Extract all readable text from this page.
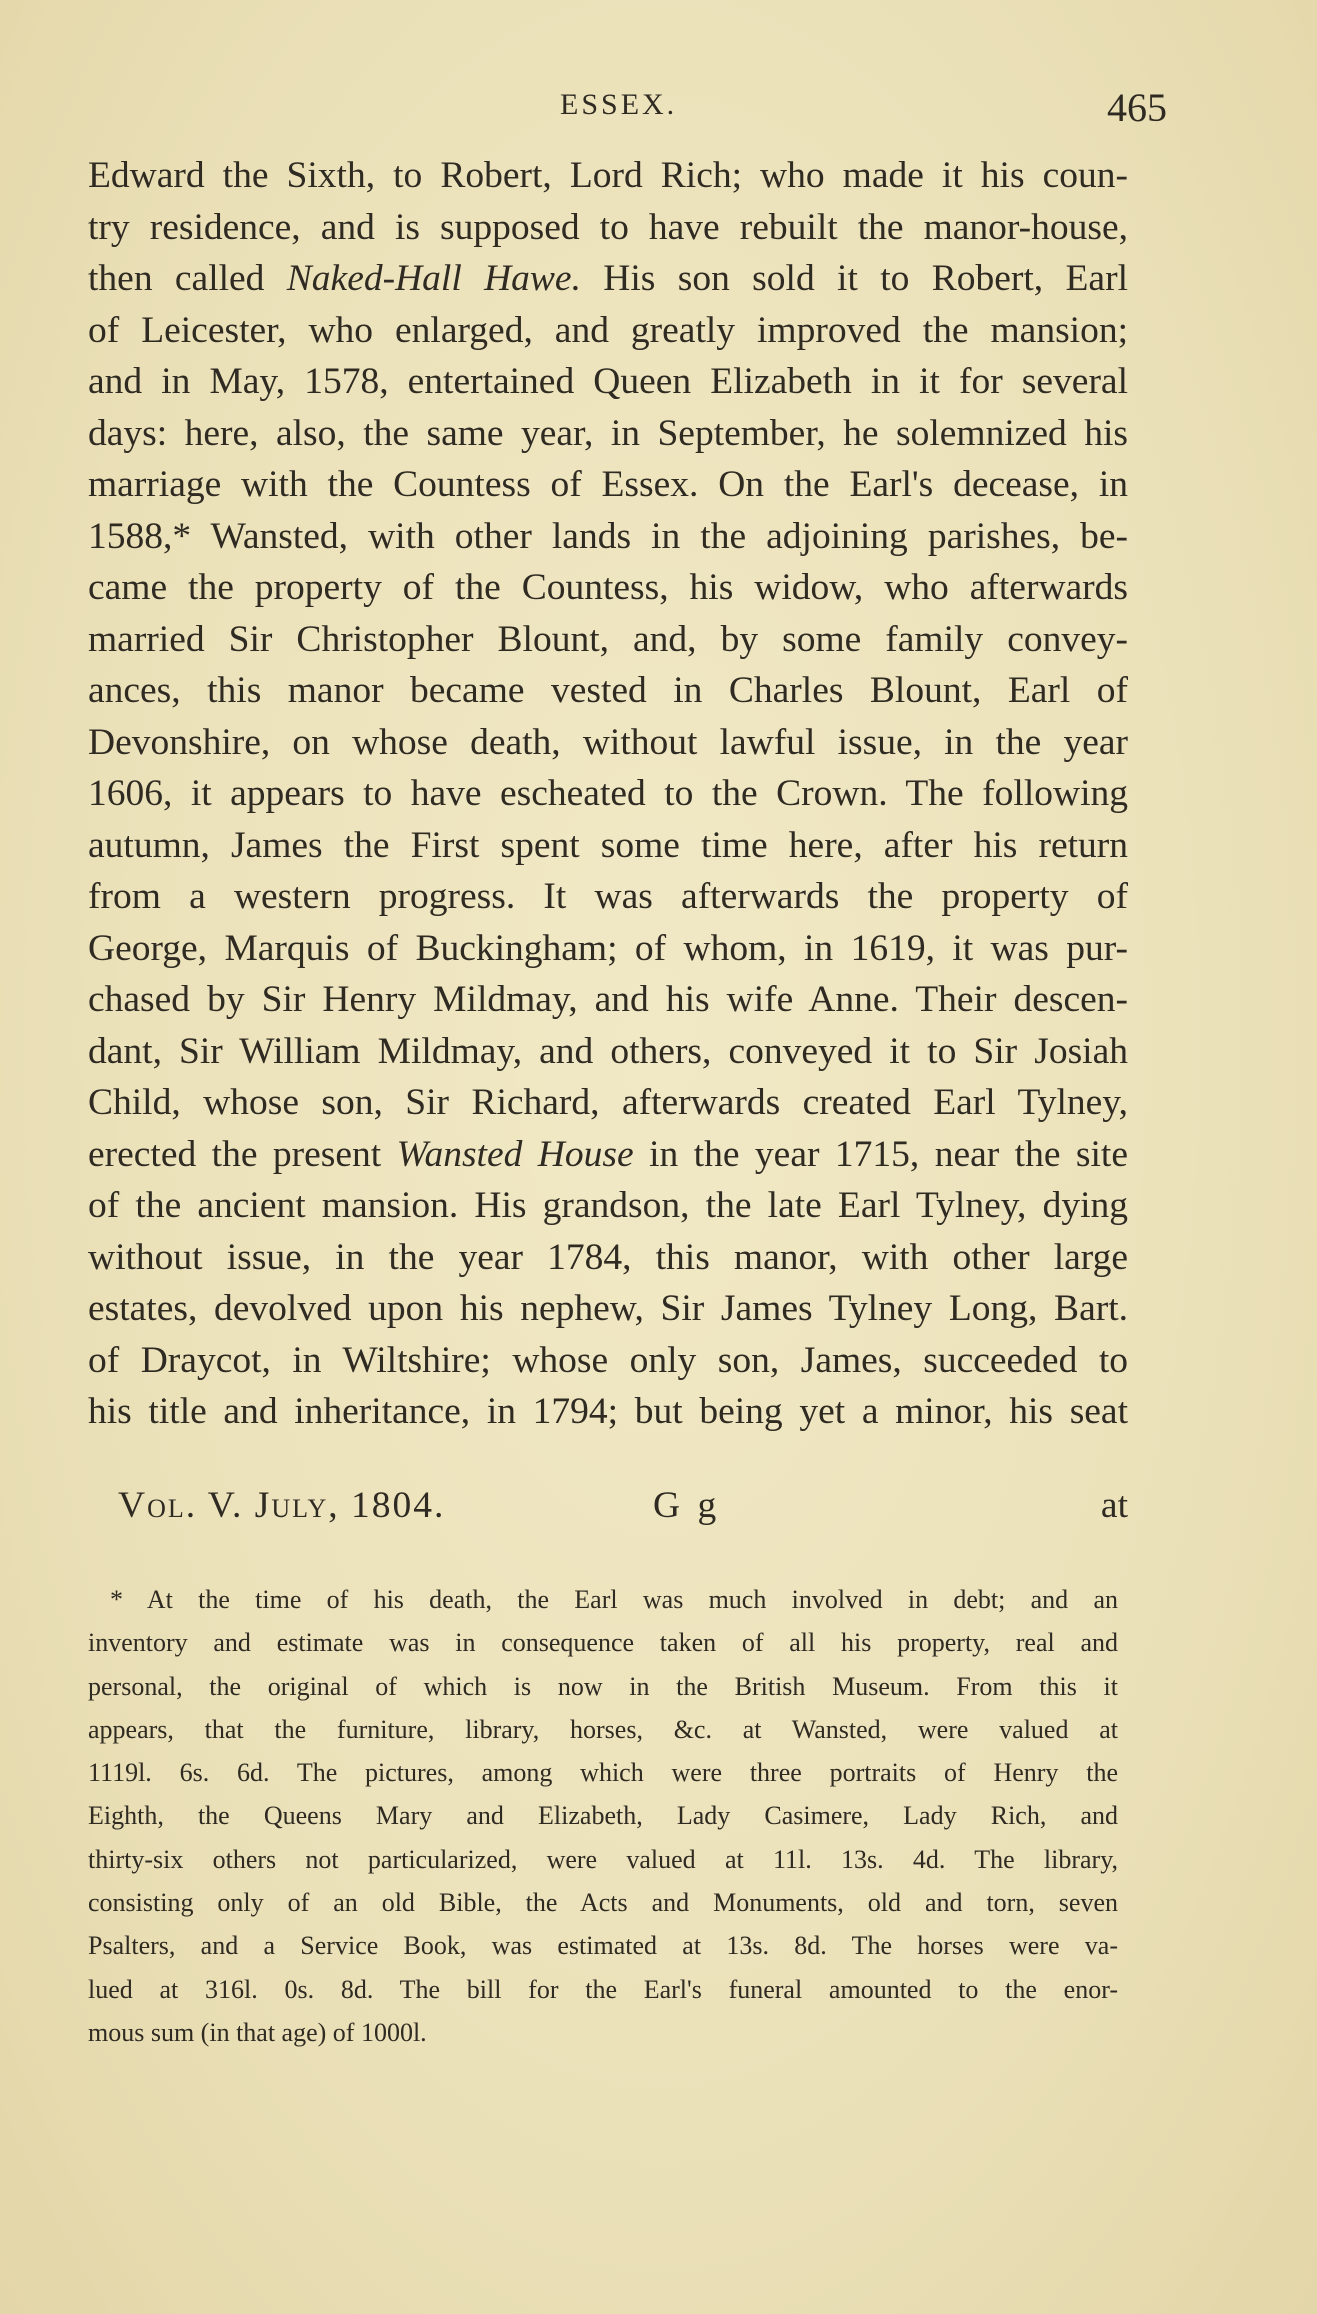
ESSEX.	465
Edward the Sixth, to Robert, Lord Rich; who made it his coun-
try residence, and is supposed to have rebuilt the manor-house,
then called Naked-Hall Hawe. His son sold it to Robert, Earl
of Leicester, who enlarged, and greatly improved the mansion;
and in May, 1578, entertained Queen Elizabeth in it for several
days: here, also, the same year, in September, he solemnized his
marriage with the Countess of Essex. On the Earl's decease, in
1588,* Wansted, with other lands in the adjoining parishes, be-
came the property of the Countess, his widow, who afterwards
married Sir Christopher Blount, and, by some family convey-
ances, this manor became vested in Charles Blount, Earl of
Devonshire, on whose death, without lawful issue, in the year
1606, it appears to have escheated to the Crown. The following
autumn, James the First spent some time here, after his return
from a western progress. It was afterwards the property of
George, Marquis of Buckingham; of whom, in 1619, it was pur-
chased by Sir Henry Mildmay, and his wife Anne. Their descen-
dant, Sir William Mildmay, and others, conveyed it to Sir Josiah
Child, whose son, Sir Richard, afterwards created Earl Tylney,
erected the present Wansted House in the year 1715, near the site
of the ancient mansion. His grandson, the late Earl Tylney, dying
without issue, in the year 1784, this manor, with other large
estates, devolved upon his nephew, Sir James Tylney Long, Bart.
of Draycot, in Wiltshire; whose only son, James, succeeded to
his title and inheritance, in 1794; but being yet a minor, his seat
Vol. V. July, 1804.	G g	at
* At the time of his death, the Earl was much involved in debt; and an
inventory and estimate was in consequence taken of all his property, real and
personal, the original of which is now in the British Museum. From this it
appears, that the furniture, library, horses, &c. at Wansted, were valued at
1119l. 6s. 6d. The pictures, among which were three portraits of Henry the
Eighth, the Queens Mary and Elizabeth, Lady Casimere, Lady Rich, and
thirty-six others not particularized, were valued at 11l. 13s. 4d. The library,
consisting only of an old Bible, the Acts and Monuments, old and torn, seven
Psalters, and a Service Book, was estimated at 13s. 8d. The horses were va-
lued at 316l. 0s. 8d. The bill for the Earl's funeral amounted to the enor-
mous sum (in that age) of 1000l.
